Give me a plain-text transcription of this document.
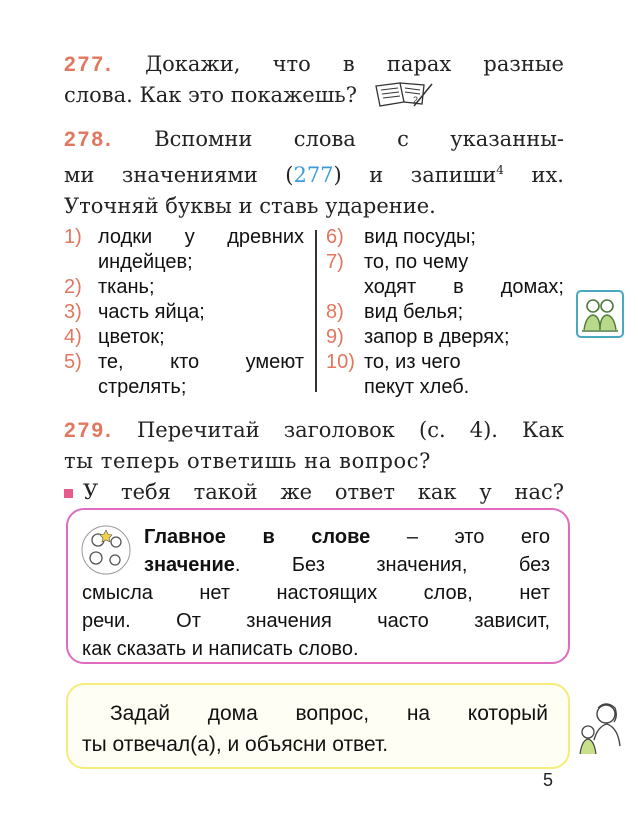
277. Докажи, что в парах разные
слова. Как это покажешь?	2
278. Вспомни слова с указанны-
ми значениями (277) и запиши$^4$ их.
Уточняй буквы и ставь ударение.
1) лодки у древних
индейцев;
2) ткань;
3) часть яйца;
4) цветок;
5) те, кто умеют
стрелять;
6) вид посуды;
7) то, по чему
ходят в домах;
8) вид белья;
9) запор в дверях;
10) то, из чего
пекут хлеб.
279. Перечитай заголовок (с. 4). Как
ты теперь ответишь на вопрос?
У тебя такой же ответ как у нас?
Главное в слове – это его
значение. Без значения, без
смысла нет настоящих слов, нет
речи. От значения часто зависит,
как сказать и написать слово.
Задай дома вопрос, на который
ты отвечал(а), и объясни ответ.
5
